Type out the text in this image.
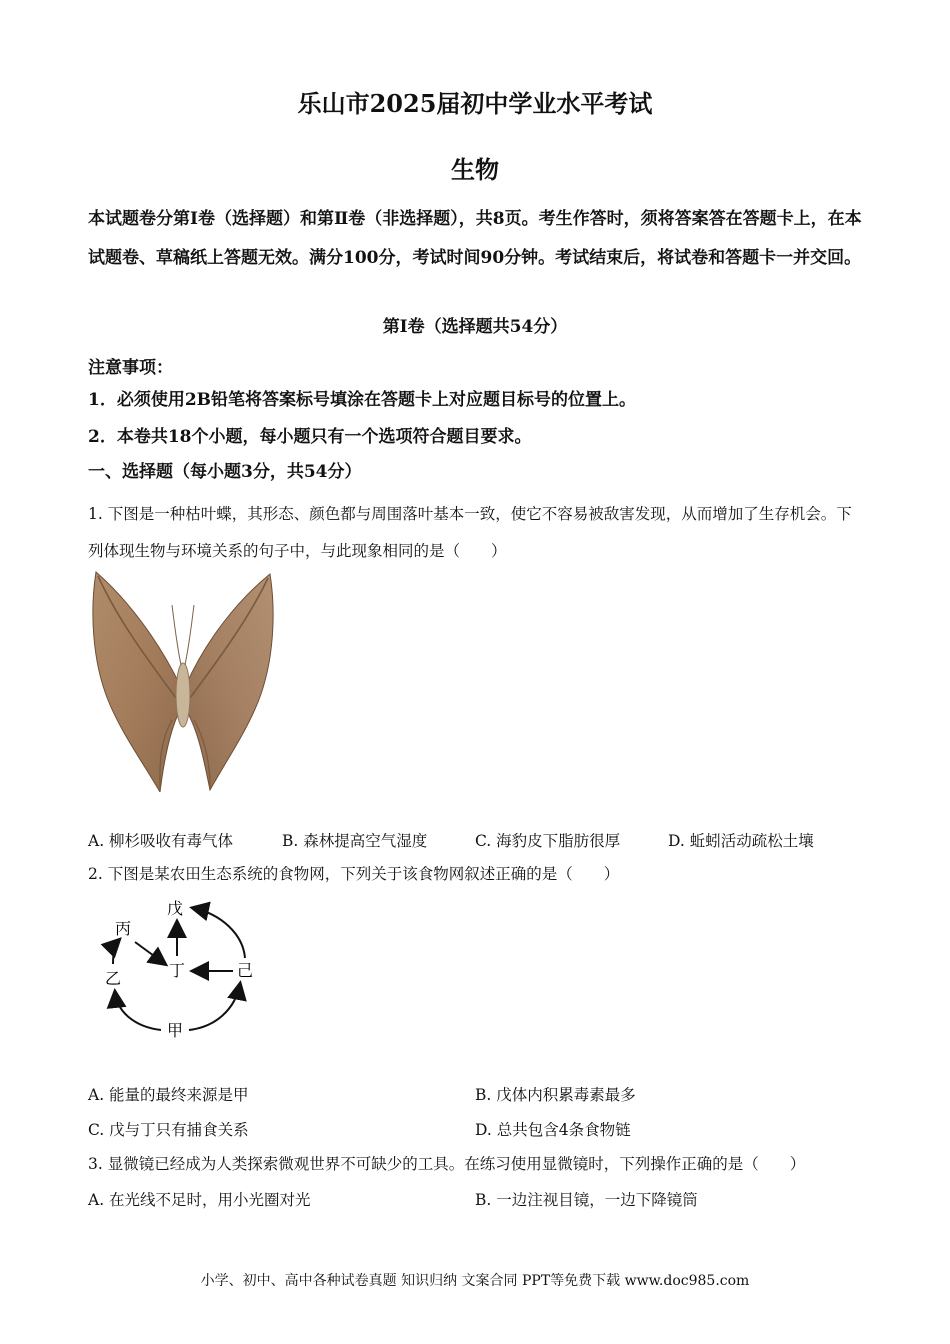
乐山市2025届初中学业水平考试
生物
本试题卷分第I卷（选择题）和第Ⅱ卷（非选择题），共8页。考生作答时，须将答案答在答题卡上，在本试题卷、草稿纸上答题无效。满分100分，考试时间90分钟。考试结束后，将试卷和答题卡一并交回。
第I卷（选择题共54分）
注意事项：
1．必须使用2B铅笔将答案标号填涂在答题卡上对应题目标号的位置上。
2．本卷共18个小题，每小题只有一个选项符合题目要求。
一、选择题（每小题3分，共54分）
1. 下图是一种枯叶蝶，其形态、颜色都与周围落叶基本一致，使它不容易被敌害发现，从而增加了生存机会。下列体现生物与环境关系的句子中，与此现象相同的是（　　）
A. 柳杉吸收有毒气体	B. 森林提高空气湿度	C. 海豹皮下脂肪很厚	D. 蚯蚓活动疏松土壤
2. 下图是某农田生态系统的食物网，下列关于该食物网叙述正确的是（　　）
戊
丙
丁	己
乙
甲
A. 能量的最终来源是甲	B. 戊体内积累毒素最多
C. 戊与丁只有捕食关系	D. 总共包含4条食物链
3. 显微镜已经成为人类探索微观世界不可缺少的工具。在练习使用显微镜时，下列操作正确的是（　　）
A. 在光线不足时，用小光圈对光	B. 一边注视目镜，一边下降镜筒
小学、初中、高中各种试卷真题 知识归纳 文案合同 PPT等免费下载 www.doc985.com
